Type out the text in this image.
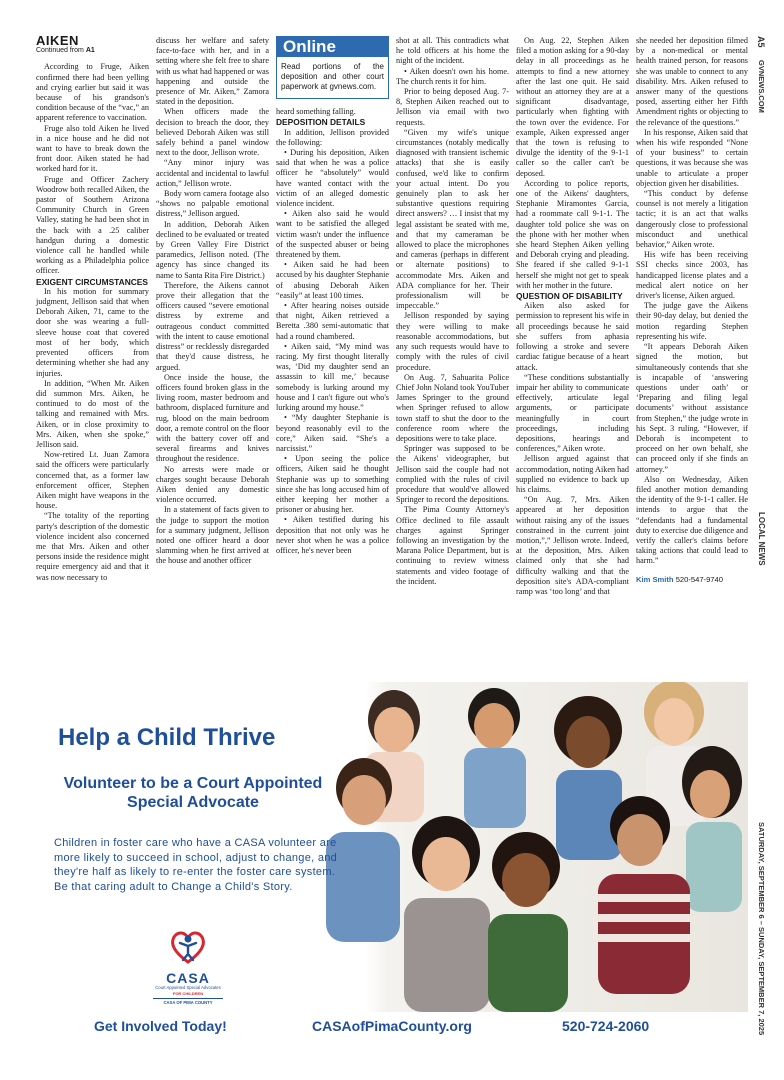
A5
GVNEWS.COM
LOCAL NEWS
SATURDAY, SEPTEMBER 6 – SUNDAY, SEPTEMBER 7, 2025
AIKEN
Continued from A1

According to Fruge, Aiken confirmed there had been yelling and crying earlier but said it was because of his grandson's condition because of the “vac,” an apparent reference to vaccination.

Fruge also told Aiken he lived in a nice house and he did not want to have to break down the front door. Aiken stated he had worked hard for it.

Fruge and Officer Zachery Woodrow both recalled Aiken, the pastor of Southern Arizona Community Church in Green Valley, stating he had been shot in the back with a .25 caliber handgun during a domestic violence call he handled while working as a Philadelphia police officer.

EXIGENT CIRCUMSTANCES

In his motion for summary judgment, Jellison said that when Deborah Aiken, 71, came to the door she was wearing a full-sleeve house coat that covered most of her body, which prevented officers from determining whether she had any injuries.

In addition, “When Mr. Aiken did summon Mrs. Aiken, he continued to do most of the talking and remained with Mrs. Aiken, or in close proximity to Mrs. Aiken, when she spoke,” Jellison said.

Now-retired Lt. Juan Zamora said the officers were particularly concerned that, as a former law enforcement officer, Stephen Aiken might have weapons in the house.

“The totality of the reporting party's description of the domestic violence incident also concerned me that Mrs. Aiken and other persons inside the residence might require emergency aid and that it was now necessary to

discuss her welfare and safety face-to-face with her, and in a setting where she felt free to share with us what had happened or was happening and outside the presence of Mr. Aiken,” Zamora stated in the deposition.

When officers made the decision to breach the door, they believed Deborah Aiken was still safely behind a panel window next to the door, Jellison wrote.

“Any minor injury was accidental and incidental to lawful action,” Jellison wrote.

Body worn camera footage also “shows no palpable emotional distress,” Jellison argued.

In addition, Deborah Aiken declined to be evaluated or treated by Green Valley Fire District paramedics, Jellison noted. (The agency has since changed its name to Santa Rita Fire District.)

Therefore, the Aikens cannot prove their allegation that the officers caused “severe emotional distress by extreme and outrageous conduct committed with the intent to cause emotional distress” or recklessly disregarded that they'd cause distress, he argued.

Once inside the house, the officers found broken glass in the living room, master bedroom and bathroom, displaced furniture and rug, blood on the main bedroom door, a remote control on the floor with the battery cover off and several firearms and knives throughout the residence.

No arrests were made or charges sought because Deborah Aiken denied any domestic violence occurred.

In a statement of facts given to the judge to support the motion for a summary judgment, Jellison noted one officer heard a door slamming when he first arrived at the house and another officer

Online
Read portions of the deposition and other court paperwork at gvnews.com.

heard something falling.

DEPOSITION DETAILS

In addition, Jellison provided the following:

• During his deposition, Aiken said that when he was a police officer he “absolutely” would have wanted contact with the victim of an alleged domestic violence incident.

• Aiken also said he would want to be satisfied the alleged victim wasn't under the influence of the suspected abuser or being threatened by them.

• Aiken said he had been accused by his daughter Stephanie of abusing Deborah Aiken “easily” at least 100 times.

• After hearing noises outside that night, Aiken retrieved a Beretta .380 semi-automatic that had a round chambered.

• Aiken said, “My mind was racing. My first thought literally was, ‘Did my daughter send an assassin to kill me,’ because somebody is lurking around my house and I can't figure out who's lurking around my house.”

• “My daughter Stephanie is beyond reasonably evil to the core,” Aiken said. “She's a narcissist.”

• Upon seeing the police officers, Aiken said he thought Stephanie was up to something since she has long accused him of either keeping her mother a prisoner or abusing her.

• Aiken testified during his deposition that not only was he never shot when he was a police officer, he's never been

shot at all. This contradicts what he told officers at his home the night of the incident.

• Aiken doesn't own his home. The church rents it for him.

Prior to being deposed Aug. 7-8, Stephen Aiken reached out to Jellison via email with two requests.

“Given my wife's unique circumstances (notably medically diagnosed with transient ischemic attacks) that she is easily confused, we'd like to confirm your actual intent. Do you genuinely plan to ask her substantive questions requiring direct answers? … I insist that my legal assistant be seated with me, and that my cameraman be allowed to place the microphones and cameras (perhaps in different or alternate positions) to accommodate Mrs. Aiken and ADA compliance for her. Their professionalism will be impeccable.”

Jellison responded by saying they were willing to make reasonable accommodations, but any such requests would have to comply with the rules of civil procedure.

On Aug. 7, Sahuarita Police Chief John Noland took YouTuber James Springer to the ground when Springer refused to allow town staff to shut the door to the conference room where the depositions were to take place.

Springer was supposed to be the Aikens' videographer, but Jellison said the couple had not complied with the rules of civil procedure that would've allowed Springer to record the depositions.

The Pima County Attorney's Office declined to file assault charges against Springer following an investigation by the Marana Police Department, but is continuing to review witness statements and video footage of the incident.

On Aug. 22, Stephen Aiken filed a motion asking for a 90-day delay in all proceedings as he attempts to find a new attorney after the last one quit. He said without an attorney they are at a significant disadvantage, particularly when fighting with the town over the evidence. For example, Aiken expressed anger that the town is refusing to divulge the identity of the 9-1-1 caller so the caller can't be deposed.

According to police reports, one of the Aikens' daughters, Stephanie Miramontes Garcia, had a roommate call 9-1-1. The daughter told police she was on the phone with her mother when she heard Stephen Aiken yelling and Deborah crying and pleading. She feared if she called 9-1-1 herself she might not get to speak with her mother in the future.

QUESTION OF DISABILITY

Aiken also asked for permission to represent his wife in all proceedings because he said she suffers from aphasia following a stroke and severe cardiac fatigue because of a heart attack.

“These conditions substantially impair her ability to communicate effectively, articulate legal arguments, or participate meaningfully in court proceedings, including depositions, hearings and conferences,” Aiken wrote.

Jellison argued against that accommodation, noting Aiken had supplied no evidence to back up his claims.

“On Aug. 7, Mrs. Aiken appeared at her deposition without raising any of the issues constrained in the current joint motion,”,” Jellison wrote. Indeed, at the deposition, Mrs. Aiken claimed only that she had difficulty walking and that the deposition site's ADA-compliant ramp was ‘too long’ and that

she needed her deposition filmed by a non-medical or mental health trained person, for reasons she was unable to connect to any disability. Mrs. Aiken refused to answer many of the questions posed, asserting either her Fifth Amendment rights or objecting to the relevance of the questions.”

In his response, Aiken said that when his wife responded “None of your business” to certain questions, it was because she was unable to articulate a proper objection given her disabilities.

“This conduct by defense counsel is not merely a litigation tactic; it is an act that walks dangerously close to professional misconduct and unethical behavior,” Aiken wrote.

His wife has been receiving SSI checks since 2003, has handicapped license plates and a medical alert notice on her driver's license, Aiken argued.

The judge gave the Aikens their 90-day delay, but denied the motion regarding Stephen representing his wife.

“It appears Deborah Aiken signed the motion, but simultaneously contends that she is incapable of ‘answering questions under oath’ or ‘Preparing and filing legal documents’ without assistance from Stephen,” the judge wrote in his Sept. 3 ruling. “However, if Deborah is incompetent to proceed on her own behalf, she can proceed only if she finds an attorney.”

Also on Wednesday, Aiken filed another motion demanding the identity of the 9-1-1 caller. He intends to argue that the “defendants had a fundamental duty to exercise due diligence and verify the caller's claims before taking actions that could lead to harm.”

Kim Smith 520-547-9740
Help a Child Thrive
Volunteer to be a Court Appointed Special Advocate
Children in foster care who have a CASA volunteer are more likely to succeed in school, adjust to change, and they're half as likely to re-enter the foster care system. Be that caring adult to Change a Child's Story.
CASA
Court Appointed Special Advocates
FOR CHILDREN
CASA OF PIMA COUNTY
Get Involved Today!	CASAofPimaCounty.org	520-724-2060
